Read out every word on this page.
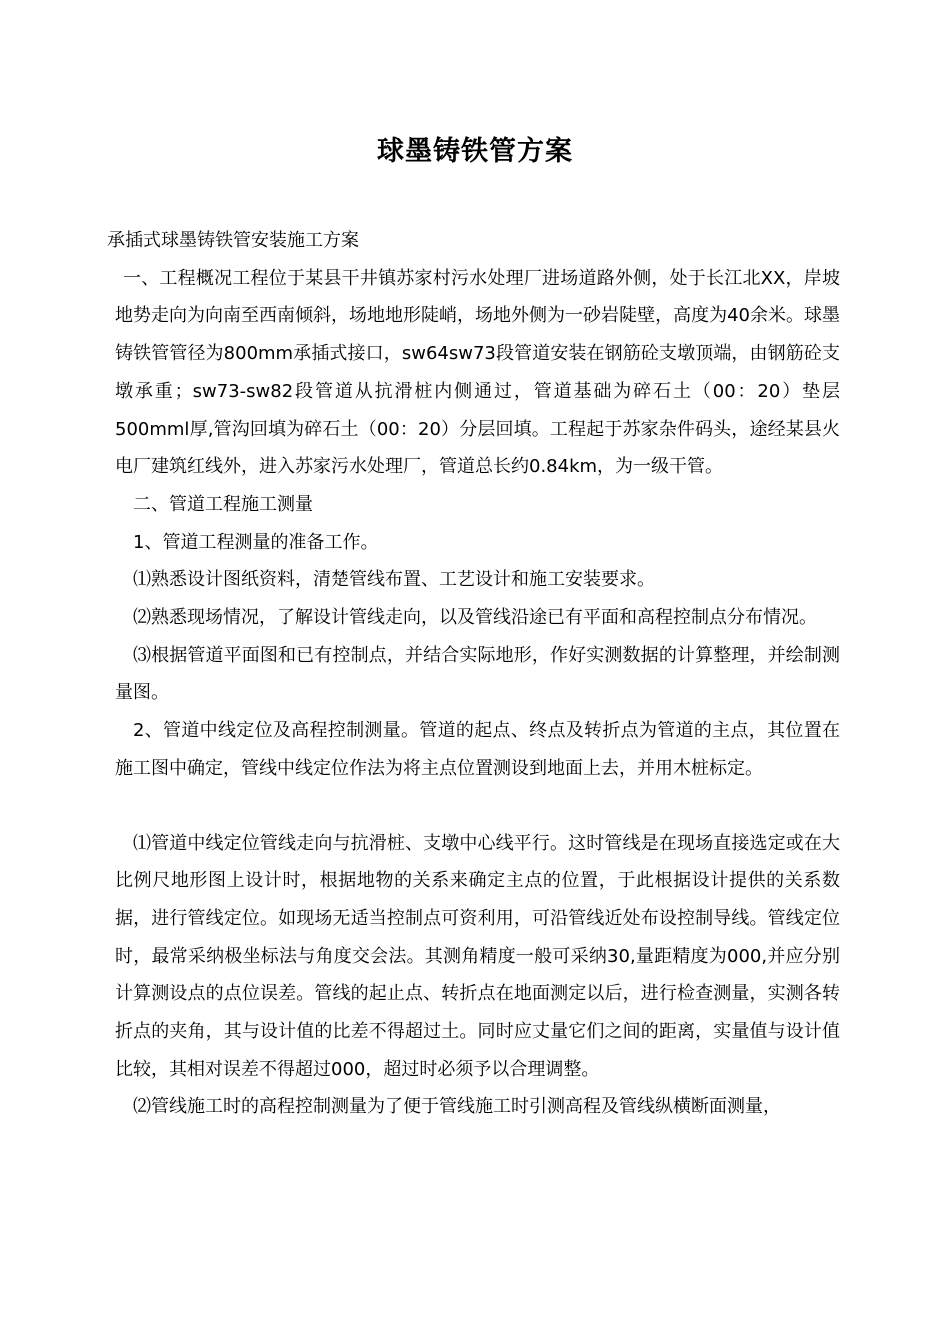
球墨铸铁管方案

承插式球墨铸铁管安装施工方案

一、工程概况工程位于某县干井镇苏家村污水处理厂进场道路外侧，处于长江北XX，岸坡地势走向为向南至西南倾斜，场地地形陡峭，场地外侧为一砂岩陡壁，高度为40余米。球墨铸铁管管径为800mm承插式接口，sw64sw73段管道安装在钢筋砼支墩顶端，由钢筋砼支墩承重；sw73-sw82段管道从抗滑桩内侧通过，管道基础为碎石土（00：20）垫层500mml厚,管沟回填为碎石土（00：20）分层回填。工程起于苏家杂件码头，途经某县火电厂建筑红线外，进入苏家污水处理厂，管道总长约0.84km，为一级干管。

二、管道工程施工测量

1、管道工程测量的准备工作。

⑴熟悉设计图纸资料，清楚管线布置、工艺设计和施工安装要求。

⑵熟悉现场情况，了解设计管线走向，以及管线沿途已有平面和高程控制点分布情况。

⑶根据管道平面图和已有控制点，并结合实际地形，作好实测数据的计算整理，并绘制测量图。

2、管道中线定位及高程控制测量。管道的起点、终点及转折点为管道的主点，其位置在施工图中确定，管线中线定位作法为将主点位置测设到地面上去，并用木桩标定。

⑴管道中线定位管线走向与抗滑桩、支墩中心线平行。这时管线是在现场直接选定或在大比例尺地形图上设计时，根据地物的关系来确定主点的位置，于此根据设计提供的关系数据，进行管线定位。如现场无适当控制点可资利用，可沿管线近处布设控制导线。管线定位时，最常采纳极坐标法与角度交会法。其测角精度一般可采纳30,量距精度为000,并应分别计算测设点的点位误差。管线的起止点、转折点在地面测定以后，进行检查测量，实测各转折点的夹角，其与设计值的比差不得超过土。同时应丈量它们之间的距离，实量值与设计值比较，其相对误差不得超过000，超过时必须予以合理调整。

⑵管线施工时的高程控制测量为了便于管线施工时引测高程及管线纵横断面测量，
